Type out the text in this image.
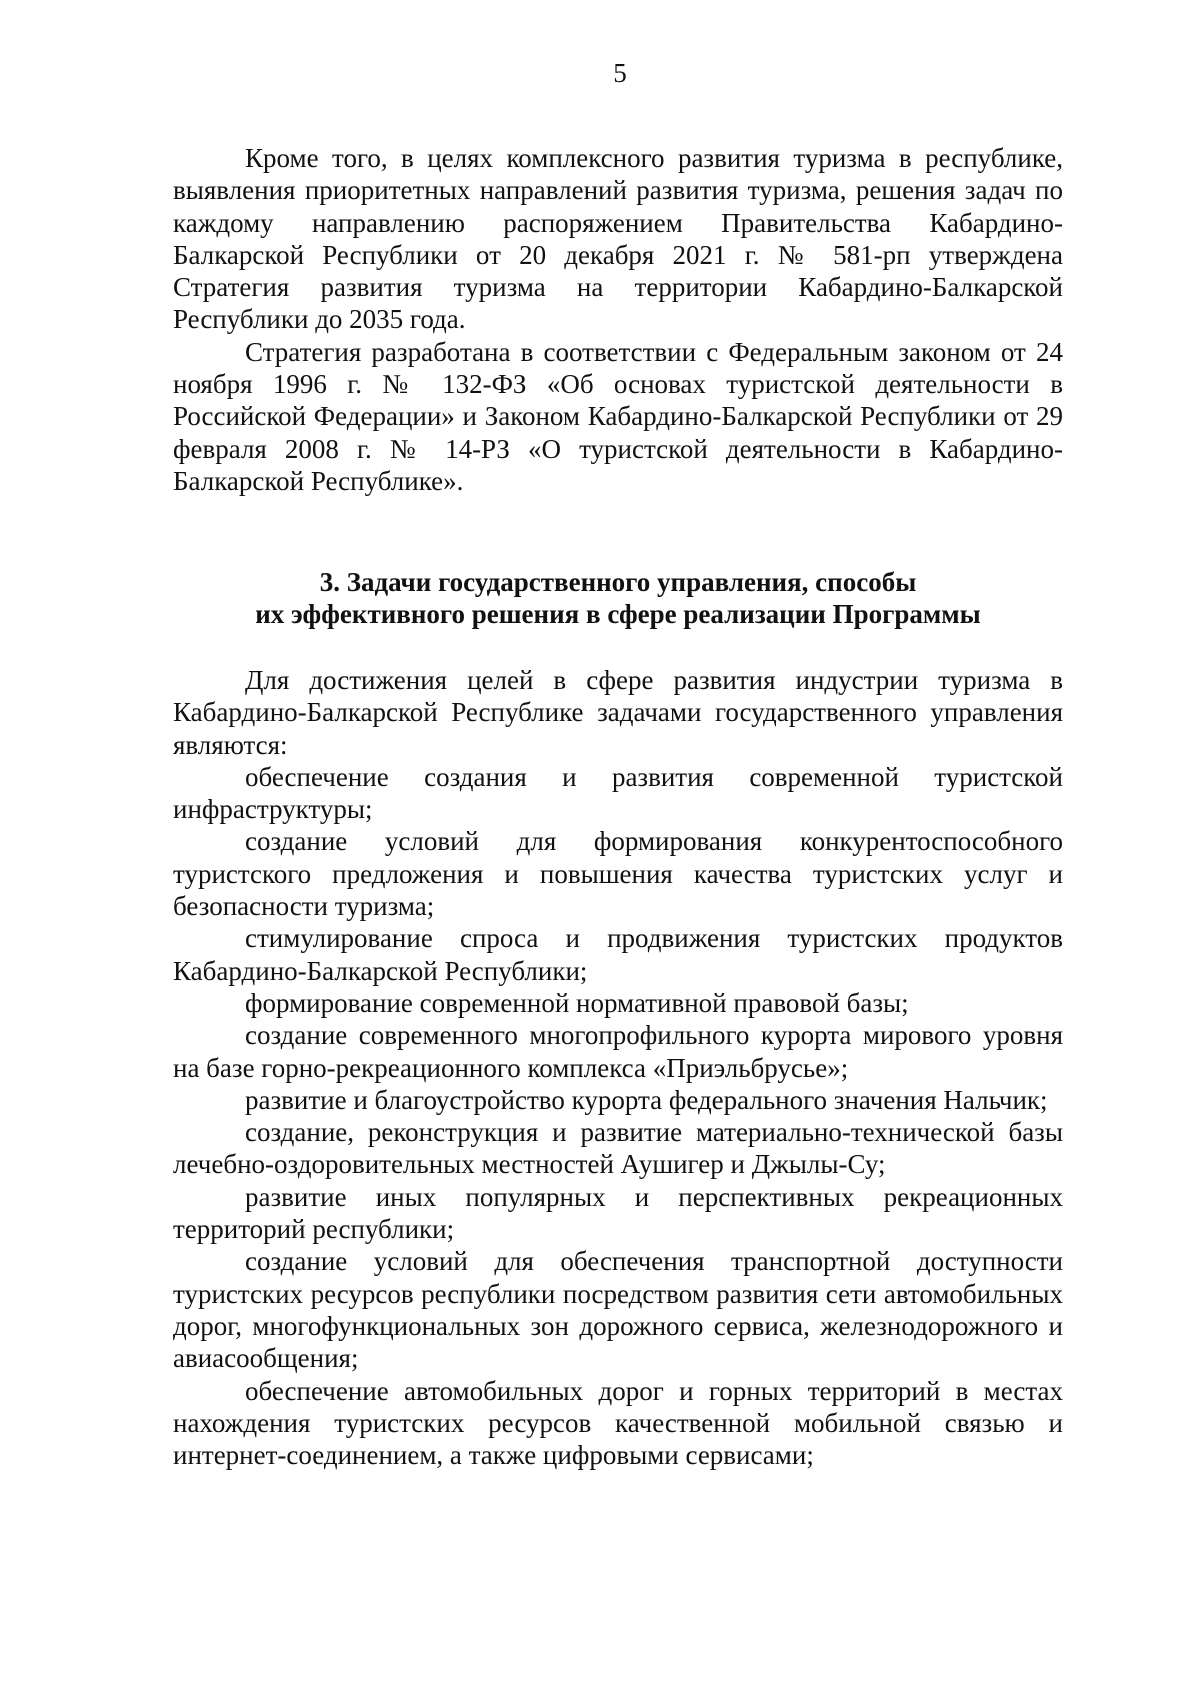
5

Кроме того, в целях комплексного развития туризма в республике, выявления приоритетных направлений развития туризма, решения задач по каждому направлению распоряжением Правительства Кабардино-Балкарской Республики от 20 декабря 2021 г. № 581-рп утверждена Стратегия развития туризма на территории Кабардино-Балкарской Республики до 2035 года.

Стратегия разработана в соответствии с Федеральным законом от 24 ноября 1996 г. № 132-ФЗ «Об основах туристской деятельности в Российской Федерации» и Законом Кабардино-Балкарской Республики от 29 февраля 2008 г. № 14-РЗ «О туристской деятельности в Кабардино-Балкарской Республике».

3. Задачи государственного управления, способы
их эффективного решения в сфере реализации Программы

Для достижения целей в сфере развития индустрии туризма в Кабардино-Балкарской Республике задачами государственного управления являются:

обеспечение создания и развития современной туристской инфраструктуры;

создание условий для формирования конкурентоспособного туристского предложения и повышения качества туристских услуг и безопасности туризма;

стимулирование спроса и продвижения туристских продуктов Кабардино-Балкарской Республики;

формирование современной нормативной правовой базы;

создание современного многопрофильного курорта мирового уровня на базе горно-рекреационного комплекса «Приэльбрусье»;

развитие и благоустройство курорта федерального значения Нальчик;

создание, реконструкция и развитие материально-технической базы лечебно-оздоровительных местностей Аушигер и Джылы-Су;

развитие иных популярных и перспективных рекреационных территорий республики;

создание условий для обеспечения транспортной доступности туристских ресурсов республики посредством развития сети автомобильных дорог, многофункциональных зон дорожного сервиса, железнодорожного и авиасообщения;

обеспечение автомобильных дорог и горных территорий в местах нахождения туристских ресурсов качественной мобильной связью и интернет-соединением, а также цифровыми сервисами;
